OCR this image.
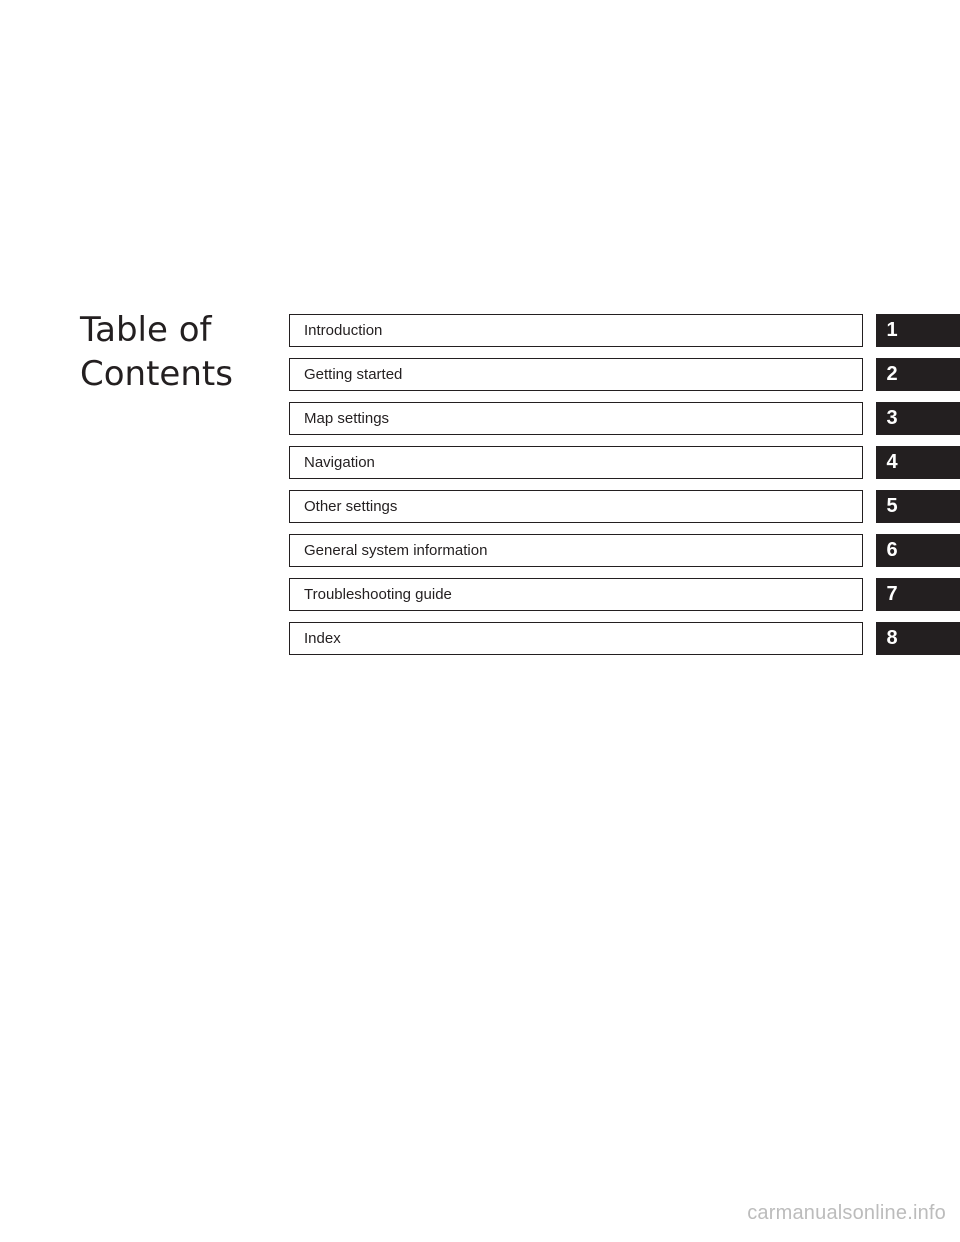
Table of
Contents
Introduction	1
Getting started	2
Map settings	3
Navigation	4
Other settings	5
General system information	6
Troubleshooting guide	7
Index	8
carmanualsonline.info
